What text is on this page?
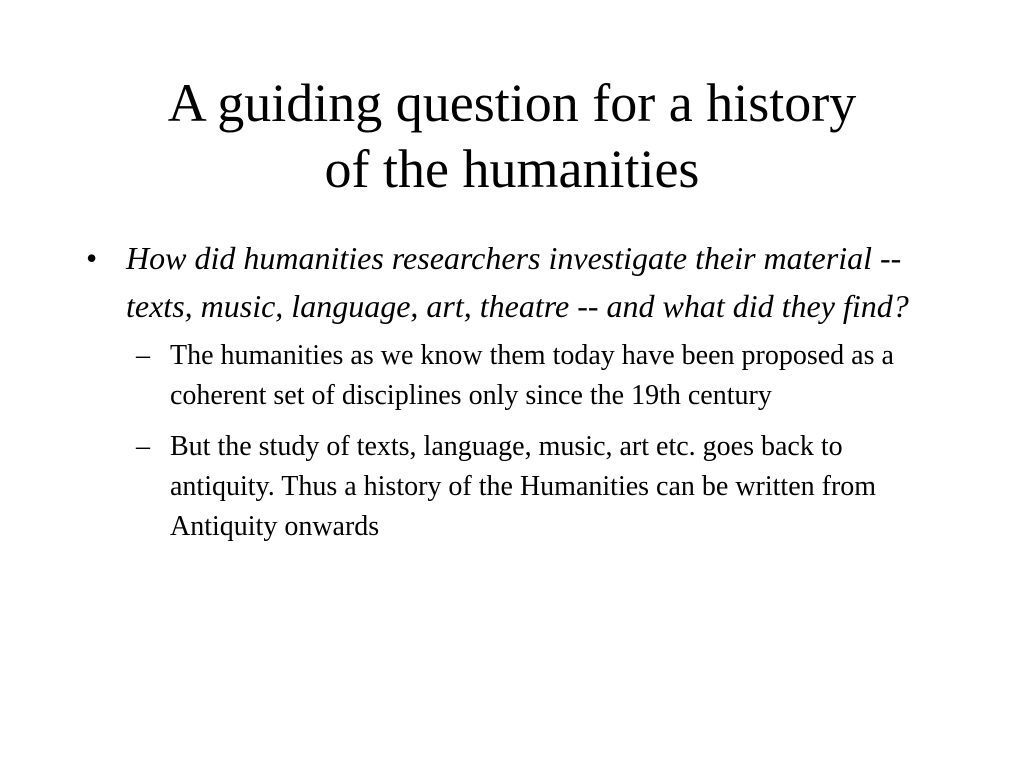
A guiding question for a history
of the humanities
• How did humanities researchers investigate their material -- texts, music, language, art, theatre -- and what did they find?
– The humanities as we know them today have been proposed as a coherent set of disciplines only since the 19th century
– But the study of texts, language, music, art etc. goes back to antiquity. Thus a history of the Humanities can be written from Antiquity onwards
